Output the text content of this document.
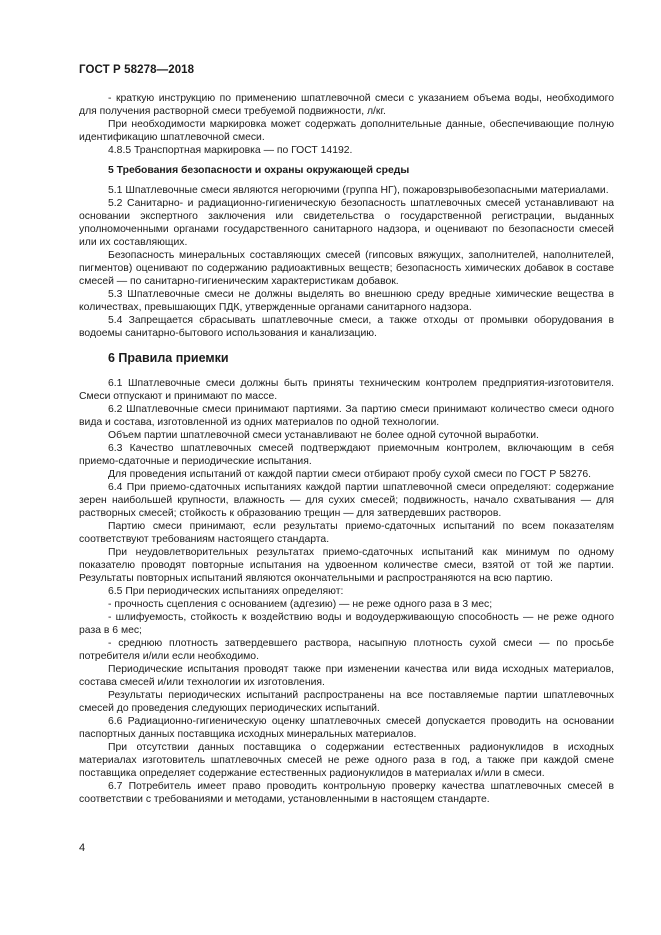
ГОСТ Р 58278—2018

- краткую инструкцию по применению шпатлевочной смеси с указанием объема воды, необходимого для получения растворной смеси требуемой подвижности, л/кг.

При необходимости маркировка может содержать дополнительные данные, обеспечивающие полную идентификацию шпатлевочной смеси.

4.8.5 Транспортная маркировка — по ГОСТ 14192.

5 Требования безопасности и охраны окружающей среды

5.1 Шпатлевочные смеси являются негорючими (группа НГ), пожаровзрывобезопасными материалами.

5.2 Санитарно- и радиационно-гигиеническую безопасность шпатлевочных смесей устанавливают на основании экспертного заключения или свидетельства о государственной регистрации, выданных уполномоченными органами государственного санитарного надзора, и оценивают по безопасности смесей или их составляющих.

Безопасность минеральных составляющих смесей (гипсовых вяжущих, заполнителей, наполнителей, пигментов) оценивают по содержанию радиоактивных веществ; безопасность химических добавок в составе смесей — по санитарно-гигиеническим характеристикам добавок.

5.3 Шпатлевочные смеси не должны выделять во внешнюю среду вредные химические вещества в количествах, превышающих ПДК, утвержденные органами санитарного надзора.

5.4 Запрещается сбрасывать шпатлевочные смеси, а также отходы от промывки оборудования в водоемы санитарно-бытового использования и канализацию.

6 Правила приемки

6.1 Шпатлевочные смеси должны быть приняты техническим контролем предприятия-изготовителя. Смеси отпускают и принимают по массе.

6.2 Шпатлевочные смеси принимают партиями. За партию смеси принимают количество смеси одного вида и состава, изготовленной из одних материалов по одной технологии.

Объем партии шпатлевочной смеси устанавливают не более одной суточной выработки.

6.3 Качество шпатлевочных смесей подтверждают приемочным контролем, включающим в себя приемо-сдаточные и периодические испытания.

Для проведения испытаний от каждой партии смеси отбирают пробу сухой смеси по ГОСТ Р 58276.

6.4 При приемо-сдаточных испытаниях каждой партии шпатлевочной смеси определяют: содержание зерен наибольшей крупности, влажность — для сухих смесей; подвижность, начало схватывания — для растворных смесей; стойкость к образованию трещин — для затвердевших растворов.

Партию смеси принимают, если результаты приемо-сдаточных испытаний по всем показателям соответствуют требованиям настоящего стандарта.

При неудовлетворительных результатах приемо-сдаточных испытаний как минимум по одному показателю проводят повторные испытания на удвоенном количестве смеси, взятой от той же партии. Результаты повторных испытаний являются окончательными и распространяются на всю партию.

6.5 При периодических испытаниях определяют:

- прочность сцепления с основанием (адгезию) — не реже одного раза в 3 мес;

- шлифуемость, стойкость к воздействию воды и водоудерживающую способность — не реже одного раза в 6 мес;

- среднюю плотность затвердевшего раствора, насыпную плотность сухой смеси — по просьбе потребителя и/или если необходимо.

Периодические испытания проводят также при изменении качества или вида исходных материалов, состава смесей и/или технологии их изготовления.

Результаты периодических испытаний распространены на все поставляемые партии шпатлевочных смесей до проведения следующих периодических испытаний.

6.6 Радиационно-гигиеническую оценку шпатлевочных смесей допускается проводить на основании паспортных данных поставщика исходных минеральных материалов.

При отсутствии данных поставщика о содержании естественных радионуклидов в исходных материалах изготовитель шпатлевочных смесей не реже одного раза в год, а также при каждой смене поставщика определяет содержание естественных радионуклидов в материалах и/или в смеси.

6.7 Потребитель имеет право проводить контрольную проверку качества шпатлевочных смесей в соответствии с требованиями и методами, установленными в настоящем стандарте.

4
